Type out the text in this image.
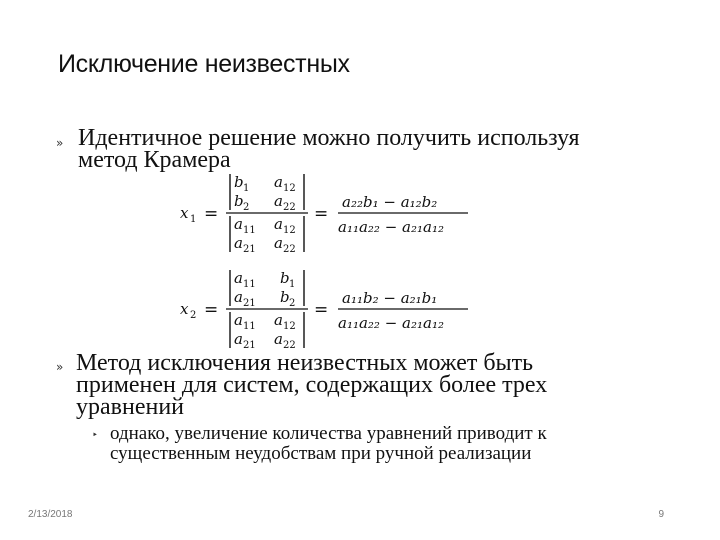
Исключение неизвестных
» Идентичное решение можно получить используя
метод Крамера
x 1 =
b 1 a 12
b 2 a 22
a 11 a 12
a 21 a 22
=
a₂₂b₁ − a₁₂b₂
a₁₁a₂₂ − a₂₁a₁₂
x 2 =
a 11 b 1
a 21 b 2
a 11 a 12
a 21 a 22
=
a₁₁b₂ − a₂₁b₁
a₁₁a₂₂ − a₂₁a₁₂
» Метод исключения неизвестных может быть
применен для систем, содержащих более трех
уравнений
‣ однако, увеличение количества уравнений приводит к
существенным неудобствам при ручной реализации
2/13/2018	9
